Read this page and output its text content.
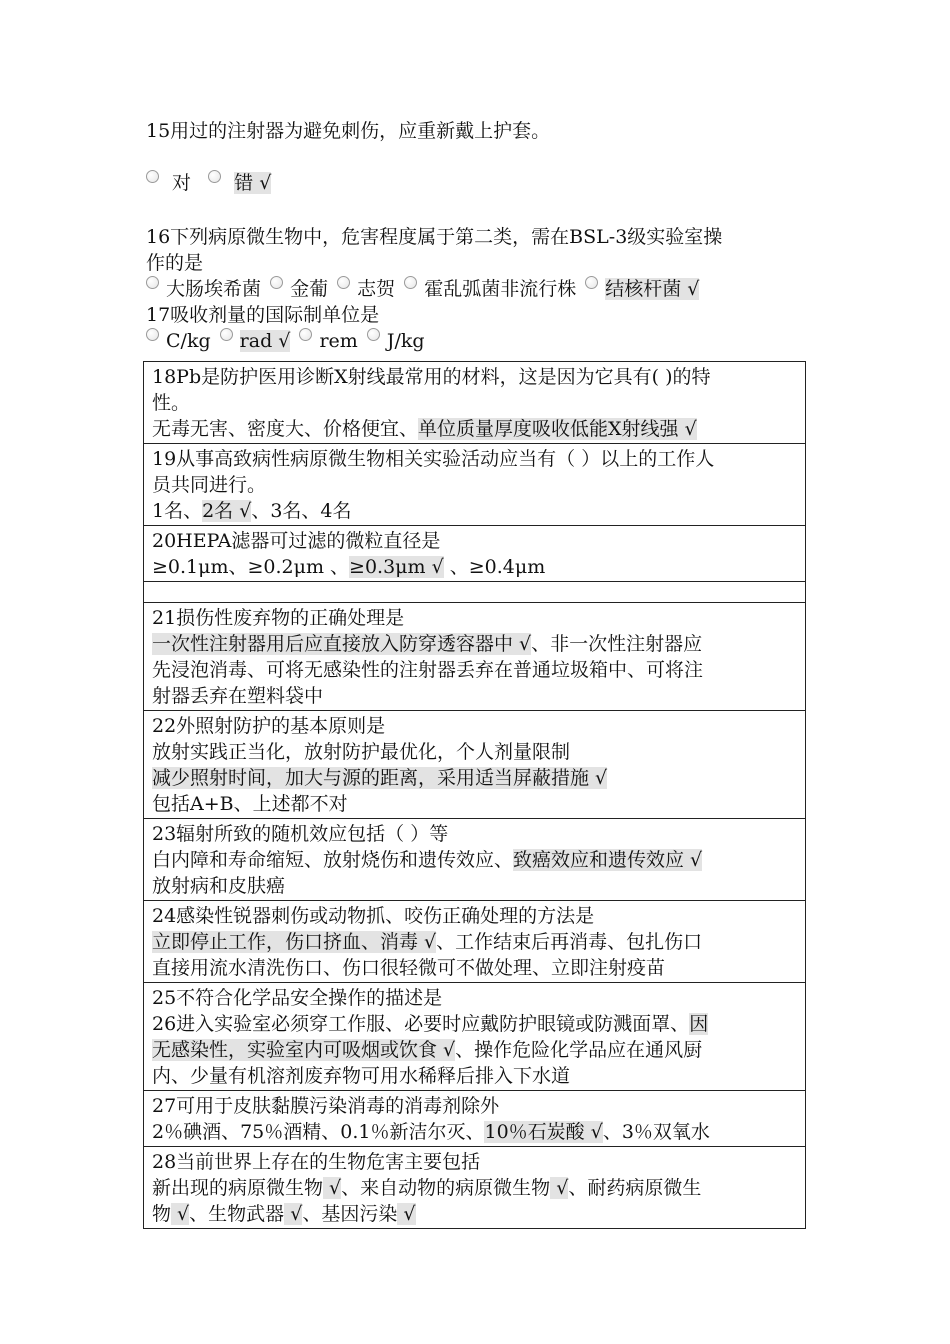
15用过的注射器为避免刺伤，应重新戴上护套。
对 错 √
16下列病原微生物中，危害程度属于第二类，需在BSL-3级实验室操
作的是
大肠埃希菌 金葡 志贺 霍乱弧菌非流行株 结核杆菌 √
17吸收剂量的国际制单位是
C/kg rad √ rem J/kg
18Pb是防护医用诊断X射线最常用的材料，这是因为它具有( )的特
性。
无毒无害、密度大、价格便宜、单位质量厚度吸收低能X射线强 √

19从事高致病性病原微生物相关实验活动应当有（ ）以上的工作人
员共同进行。
1名、2名 √、3名、4名

20HEPA滤器可过滤的微粒直径是
≥0.1μm、≥0.2μm 、≥0.3μm √ 、≥0.4μm

21损伤性废弃物的正确处理是
一次性注射器用后应直接放入防穿透容器中 √、非一次性注射器应
先浸泡消毒、可将无感染性的注射器丢弃在普通垃圾箱中、可将注
射器丢弃在塑料袋中

22外照射防护的基本原则是
放射实践正当化，放射防护最优化，个人剂量限制
减少照射时间，加大与源的距离，采用适当屏蔽措施 √
包括A+B、上述都不对

23辐射所致的随机效应包括（ ）等
白内障和寿命缩短、放射烧伤和遗传效应、致癌效应和遗传效应 √
放射病和皮肤癌

24感染性锐器刺伤或动物抓、咬伤正确处理的方法是
立即停止工作，伤口挤血、消毒 √、工作结束后再消毒、包扎伤口
直接用流水清洗伤口、伤口很轻微可不做处理、立即注射疫苗

25不符合化学品安全操作的描述是
26进入实验室必须穿工作服、必要时应戴防护眼镜或防溅面罩、因
无感染性，实验室内可吸烟或饮食 √、操作危险化学品应在通风厨
内、少量有机溶剂废弃物可用水稀释后排入下水道

27可用于皮肤黏膜污染消毒的消毒剂除外
2％碘酒、75％酒精、0.1％新洁尔灭、10％石炭酸 √、3％双氧水

28当前世界上存在的生物危害主要包括
新出现的病原微生物 √、来自动物的病原微生物 √、耐药病原微生
物 √、生物武器 √、基因污染 √
